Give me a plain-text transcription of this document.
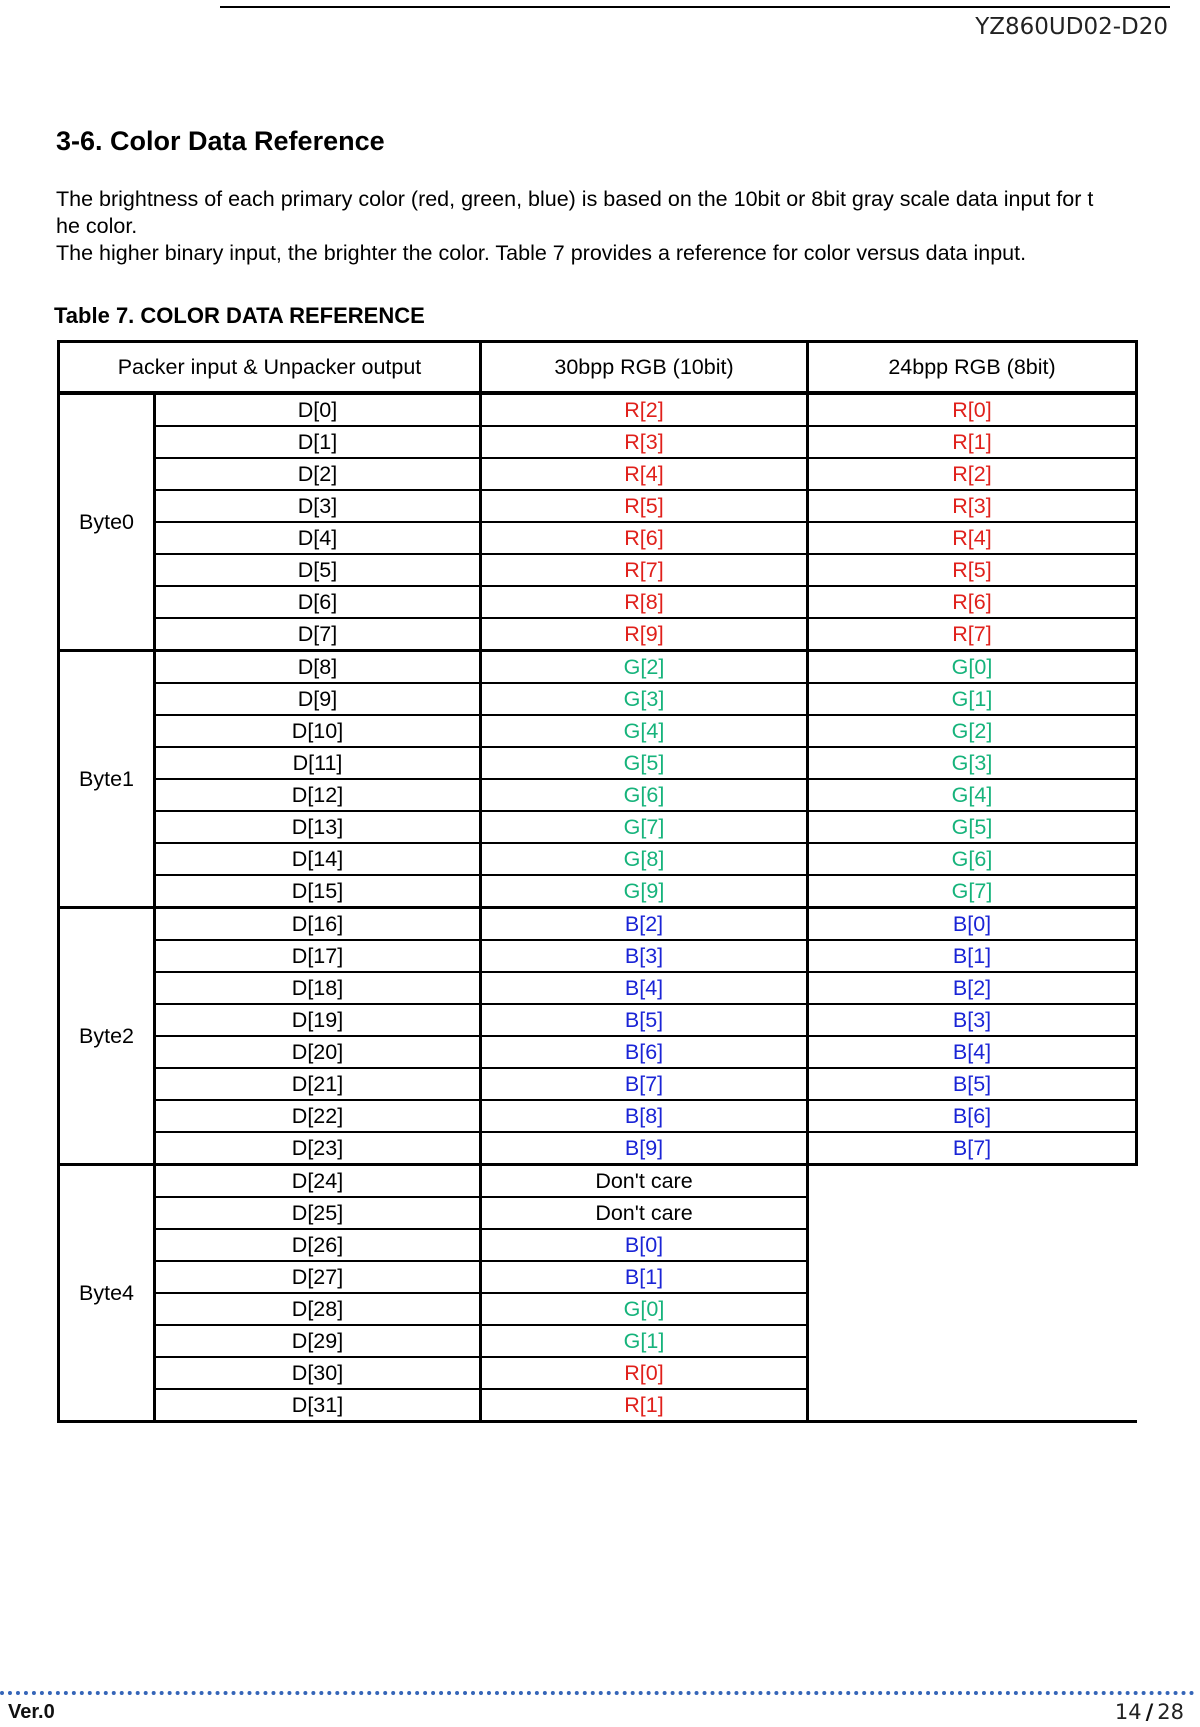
YZ860UD02-D20
3-6. Color Data Reference

The brightness of each primary color (red, green, blue) is based on the 10bit or 8bit gray scale data input for t

he color.

The higher binary input, the brighter the color. Table 7 provides a reference for color versus data input.

Table 7. COLOR DATA REFERENCE
Packer input & Unpacker output		30bpp RGB (10bit)	24bpp RGB (8bit)
Byte0	D[0]	R[2]	R[0]
	D[1]	R[3]	R[1]
	D[2]	R[4]	R[2]
	D[3]	R[5]	R[3]
	D[4]	R[6]	R[4]
	D[5]	R[7]	R[5]
	D[6]	R[8]	R[6]
	D[7]	R[9]	R[7]
Byte1	D[8]	G[2]	G[0]
	D[9]	G[3]	G[1]
	D[10]	G[4]	G[2]
	D[11]	G[5]	G[3]
	D[12]	G[6]	G[4]
	D[13]	G[7]	G[5]
	D[14]	G[8]	G[6]
	D[15]	G[9]	G[7]
Byte2	D[16]	B[2]	B[0]
	D[17]	B[3]	B[1]
	D[18]	B[4]	B[2]
	D[19]	B[5]	B[3]
	D[20]	B[6]	B[4]
	D[21]	B[7]	B[5]
	D[22]	B[8]	B[6]
	D[23]	B[9]	B[7]
Byte4	D[24]	Don't care	
	D[25]	Don't care	
	D[26]	B[0]	
	D[27]	B[1]	
	D[28]	G[0]	
	D[29]	G[1]	
	D[30]	R[0]	
	D[31]	R[1]	
Ver.0	14 / 28
